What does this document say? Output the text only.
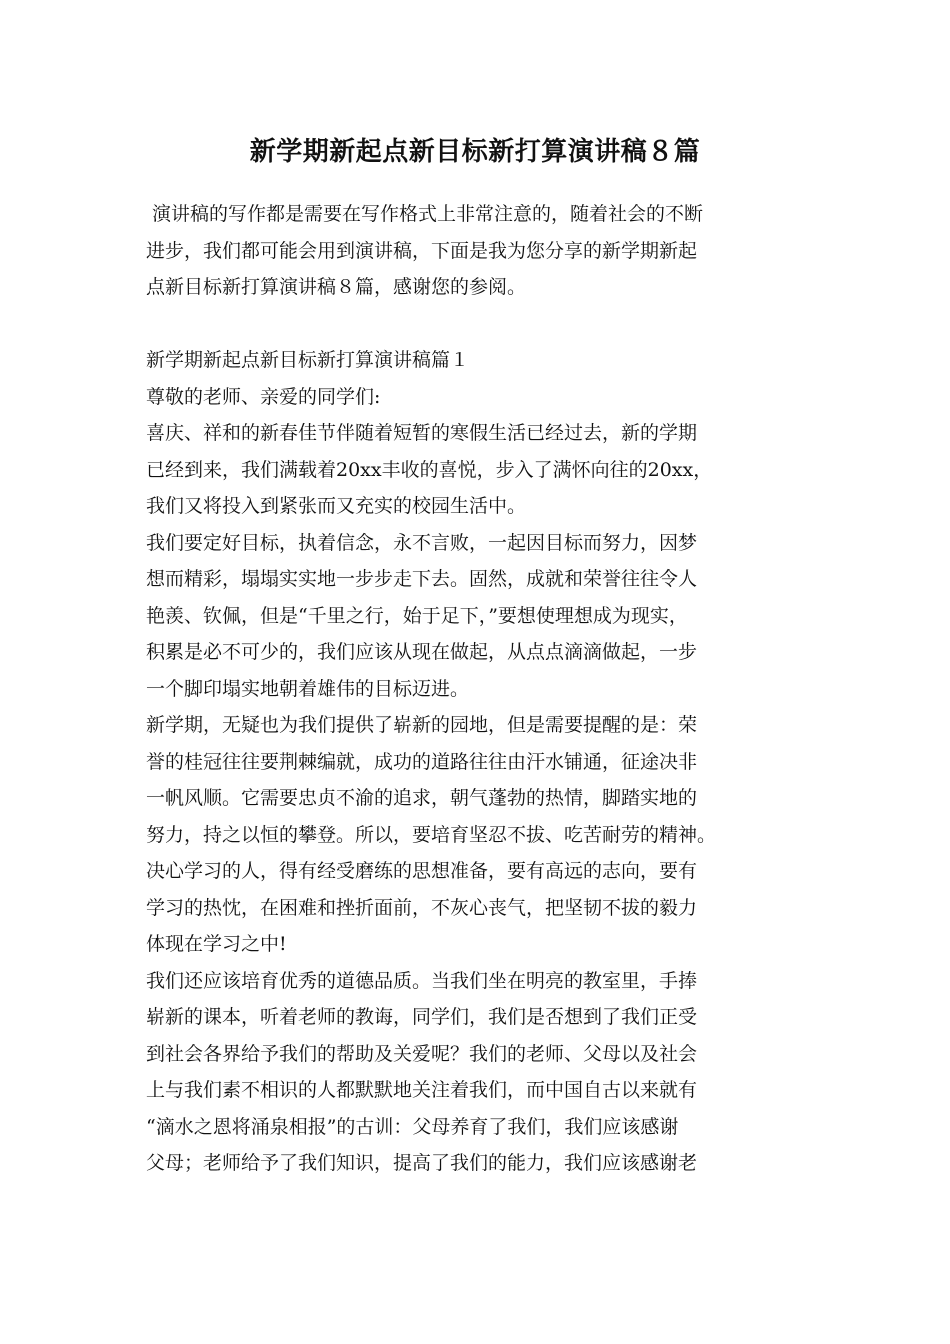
新学期新起点新目标新打算演讲稿８篇
演讲稿的写作都是需要在写作格式上非常注意的，随着社会的不断
进步，我们都可能会用到演讲稿，下面是我为您分享的新学期新起
点新目标新打算演讲稿８篇，感谢您的参阅。
新学期新起点新目标新打算演讲稿篇１
尊敬的老师、亲爱的同学们:
喜庆、祥和的新春佳节伴随着短暂的寒假生活已经过去，新的学期
已经到来，我们满载着20xx丰收的喜悦，步入了满怀向往的20xx，
我们又将投入到紧张而又充实的校园生活中。
我们要定好目标，执着信念，永不言败，一起因目标而努力，因梦
想而精彩，塌塌实实地一步步走下去。固然，成就和荣誉往往令人
艳羡、钦佩，但是“千里之行，始于足下，”要想使理想成为现实，
积累是必不可少的，我们应该从现在做起，从点点滴滴做起，一步
一个脚印塌实地朝着雄伟的目标迈进。
新学期，无疑也为我们提供了崭新的园地，但是需要提醒的是：荣
誉的桂冠往往要荆棘编就，成功的道路往往由汗水铺通，征途决非
一帆风顺。它需要忠贞不渝的追求，朝气蓬勃的热情，脚踏实地的
努力，持之以恒的攀登。所以，要培育坚忍不拔、吃苦耐劳的精神。
决心学习的人，得有经受磨练的思想准备，要有高远的志向，要有
学习的热忱，在困难和挫折面前，不灰心丧气，把坚韧不拔的毅力
体现在学习之中!
我们还应该培育优秀的道德品质。当我们坐在明亮的教室里，手捧
崭新的课本，听着老师的教诲，同学们，我们是否想到了我们正受
到社会各界给予我们的帮助及关爱呢？我们的老师、父母以及社会
上与我们素不相识的人都默默地关注着我们，而中国自古以来就有
“滴水之恩将涌泉相报”的古训：父母养育了我们，我们应该感谢
父母；老师给予了我们知识，提高了我们的能力，我们应该感谢老
